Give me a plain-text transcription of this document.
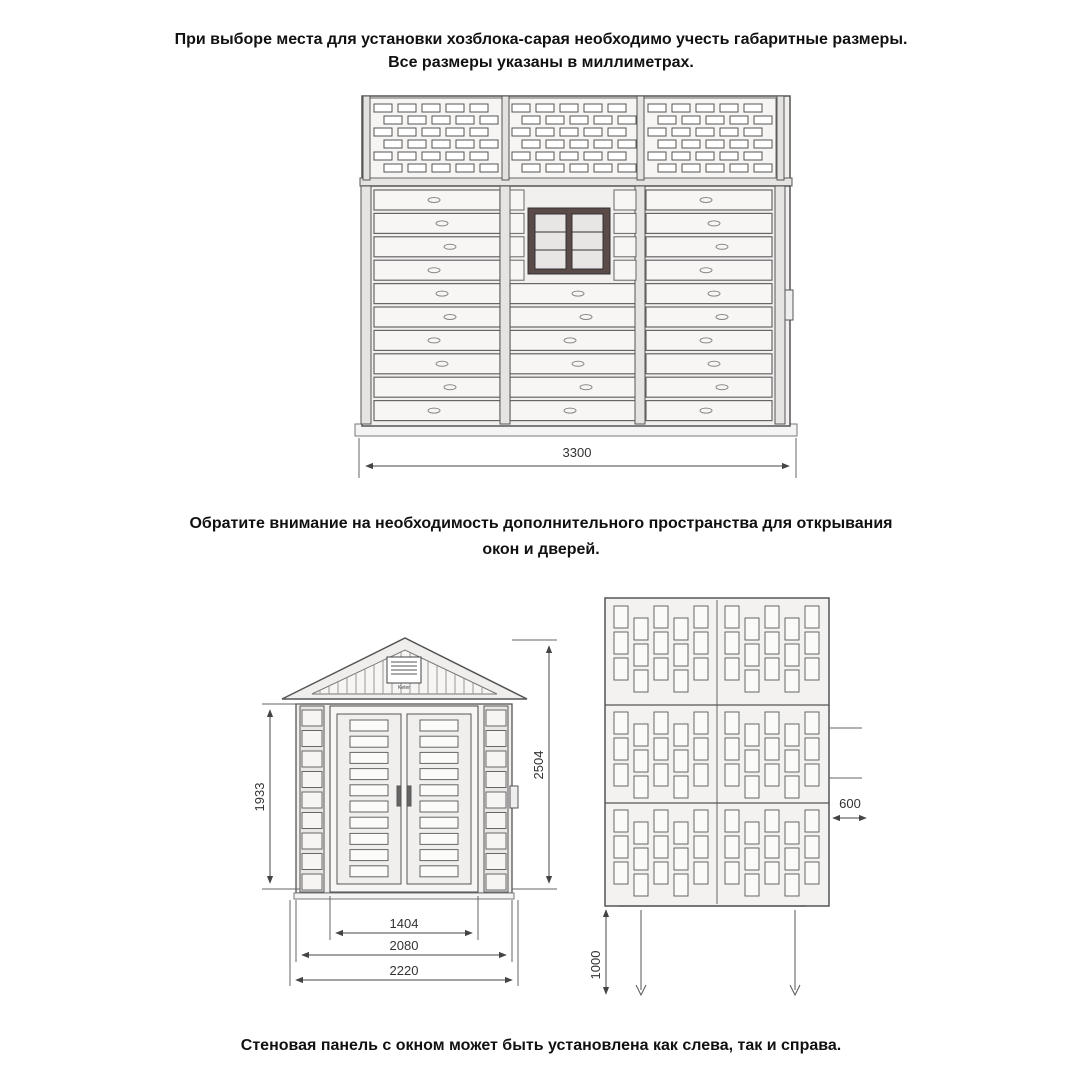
При выборе места для установки хозблока-сарая необходимо учесть габаритные размеры.
Все размеры указаны в миллиметрах.
Обратите внимание на необходимость дополнительного пространства для открывания
окон и дверей.
Стеновая панель с окном может быть установлена как слева, так и справа.
3300
Keter
1404
2080
2220
1933
2504
600
1000
